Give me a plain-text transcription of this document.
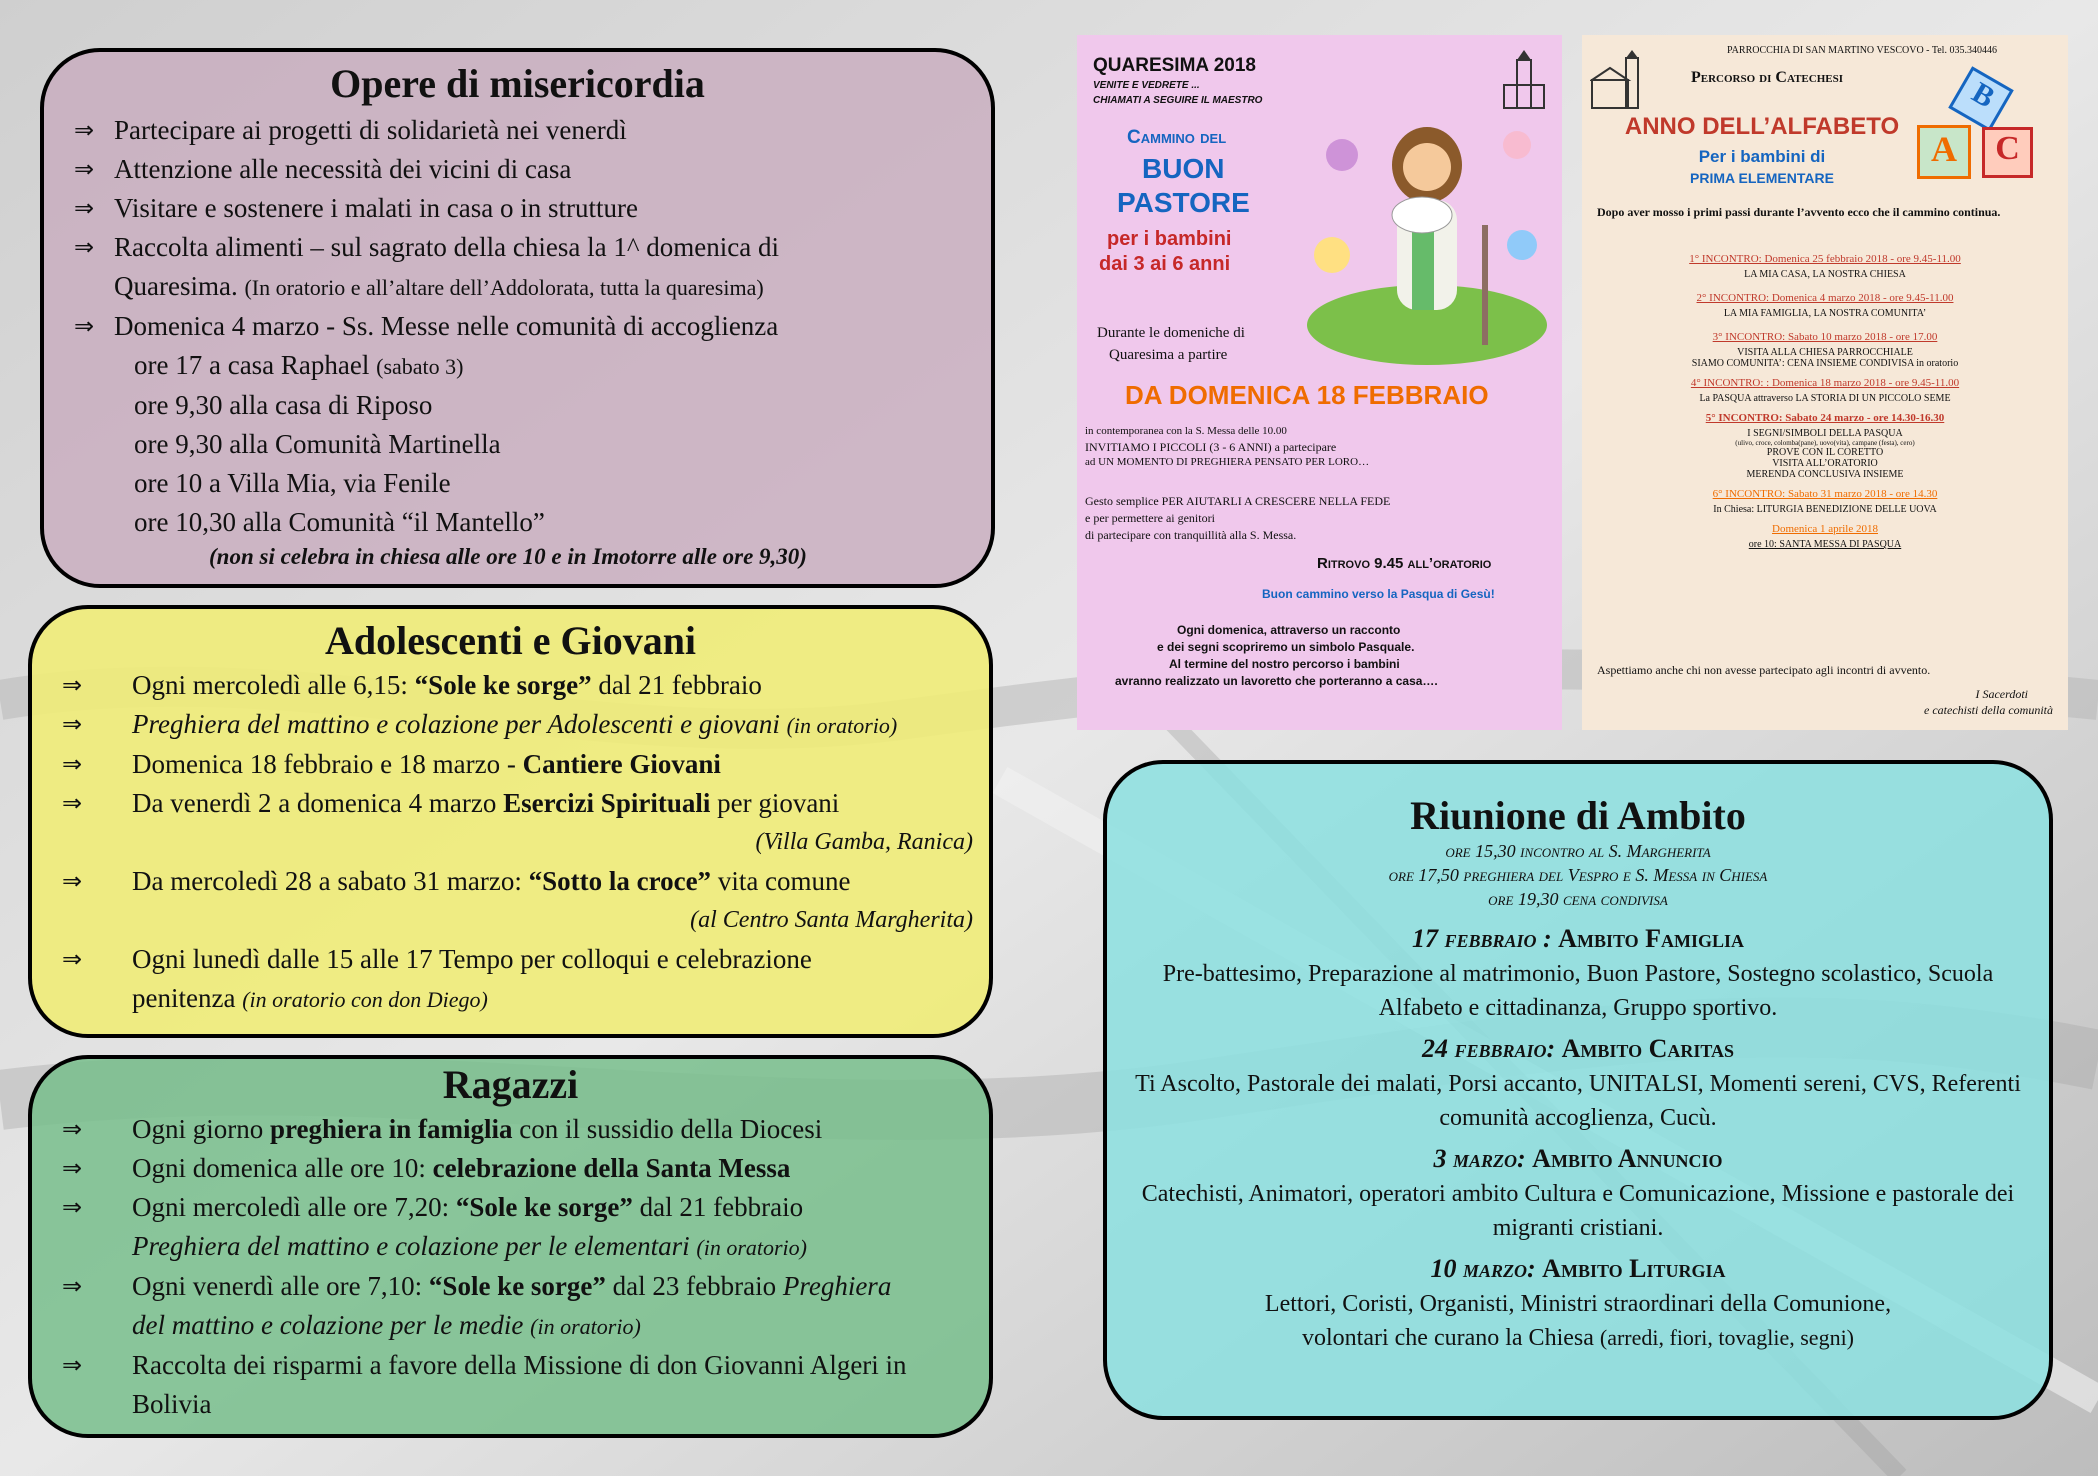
Opere di misericordia
⇒ Partecipare ai progetti di solidarietà nei venerdì
⇒ Attenzione alle necessità dei vicini di casa
⇒ Visitare e sostenere i malati in casa o in strutture
⇒ Raccolta alimenti – sul sagrato della chiesa la 1^ domenica di
Quaresima. (In oratorio e all’altare dell’Addolorata, tutta la quaresima)
⇒ Domenica 4 marzo - Ss. Messe nelle comunità di accoglienza
ore 17 a casa Raphael (sabato 3)
ore 9,30 alla casa di Riposo
ore 9,30 alla Comunità Martinella
ore 10 a Villa Mia, via Fenile
ore 10,30 alla Comunità “il Mantello”
(non si celebra in chiesa alle ore 10 e in Imotorre alle ore 9,30)
Adolescenti e Giovani
⇒ Ogni mercoledì alle 6,15: “Sole ke sorge” dal 21 febbraio
⇒ Preghiera del mattino e colazione per Adolescenti e giovani (in oratorio)
⇒ Domenica 18 febbraio e 18 marzo - Cantiere Giovani
⇒ Da venerdì 2 a domenica 4 marzo Esercizi Spirituali per giovani
(Villa Gamba, Ranica)
⇒ Da mercoledì 28 a sabato 31 marzo: “Sotto la croce” vita comune
(al Centro Santa Margherita)
⇒ Ogni lunedì dalle 15 alle 17 Tempo per colloqui e celebrazione
penitenza (in oratorio con don Diego)
Ragazzi
⇒ Ogni giorno preghiera in famiglia con il sussidio della Diocesi
⇒ Ogni domenica alle ore 10: celebrazione della Santa Messa
⇒ Ogni mercoledì alle ore 7,20: “Sole ke sorge” dal 21 febbraio
Preghiera del mattino e colazione per le elementari (in oratorio)
⇒ Ogni venerdì alle ore 7,10: “Sole ke sorge” dal 23 febbraio Preghiera
del mattino e colazione per le medie (in oratorio)
⇒ Raccolta dei risparmi a favore della Missione di don Giovanni Algeri in Bolivia
Riunione di Ambito
ore 15,30 incontro al S. Margherita
ore 17,50 preghiera del Vespro e S. Messa in Chiesa
ore 19,30 cena condivisa
17 febbraio : Ambito Famiglia
Pre-battesimo, Preparazione al matrimonio, Buon Pastore, Sostegno scolastico, Scuola Alfabeto e cittadinanza, Gruppo sportivo.
24 febbraio: Ambito Caritas
Ti Ascolto, Pastorale dei malati, Porsi accanto, UNITALSI, Momenti sereni, CVS, Referenti comunità accoglienza, Cucù.
3 marzo: Ambito Annuncio
Catechisti, Animatori, operatori ambito Cultura e Comunicazione, Missione e pastorale dei migranti cristiani.
10 marzo: Ambito Liturgia
Lettori, Coristi, Organisti, Ministri straordinari della Comunione,
volontari che curano la Chiesa (arredi, fiori, tovaglie, segni)
QUARESIMA 2018
VENITE E VEDRETE ...
CHIAMATI A SEGUIRE IL MAESTRO
Cammino del
BUON
PASTORE
per i bambini
dai 3 ai 6 anni
Durante le domeniche di
Quaresima a partire
DA DOMENICA 18 FEBBRAIO
in contemporanea con la S. Messa delle 10.00
INVITIAMO I PICCOLI (3 - 6 ANNI) a partecipare
ad UN MOMENTO DI PREGHIERA PENSATO PER LORO…
Gesto semplice PER AIUTARLI A CRESCERE NELLA FEDE
e per permettere ai genitori
di partecipare con tranquillità alla S. Messa.
Ritrovo 9.45 all’oratorio
Buon cammino verso la Pasqua di Gesù!
Ogni domenica, attraverso un racconto
e dei segni scopriremo un simbolo Pasquale.
Al termine del nostro percorso i bambini
avranno realizzato un lavoretto che porteranno a casa….
PARROCCHIA DI SAN MARTINO VESCOVO - Tel. 035.340446
Percorso di Catechesi
ANNO DELL’ALFABETO
Per i bambini di
PRIMA ELEMENTARE
B
A	C
Dopo aver mosso i primi passi durante l’avvento ecco che il cammino continua.
1° INCONTRO: Domenica 25 febbraio 2018 - ore 9.45-11.00
LA MIA CASA, LA NOSTRA CHIESA
2° INCONTRO: Domenica 4 marzo 2018 - ore 9.45-11.00
LA MIA FAMIGLIA, LA NOSTRA COMUNITA’
3° INCONTRO: Sabato 10 marzo 2018 - ore 17.00
VISITA ALLA CHIESA PARROCCHIALE
SIAMO COMUNITA’: CENA INSIEME CONDIVISA in oratorio
4° INCONTRO: : Domenica 18 marzo 2018 - ore 9.45-11.00
La PASQUA attraverso LA STORIA DI UN PICCOLO SEME
5° INCONTRO: Sabato 24 marzo - ore 14.30-16.30
I SEGNI/SIMBOLI DELLA PASQUA
(ulivo, croce, colomba(pane), uovo(vita), campane (festa), cero)
PROVE CON IL CORETTO
VISITA ALL’ORATORIO
MERENDA CONCLUSIVA INSIEME
6° INCONTRO: Sabato 31 marzo 2018 - ore 14.30
In Chiesa: LITURGIA BENEDIZIONE DELLE UOVA
Domenica 1 aprile 2018
ore 10: SANTA MESSA DI PASQUA
Aspettiamo anche chi non avesse partecipato agli incontri di avvento.
I Sacerdoti
e catechisti della comunità
